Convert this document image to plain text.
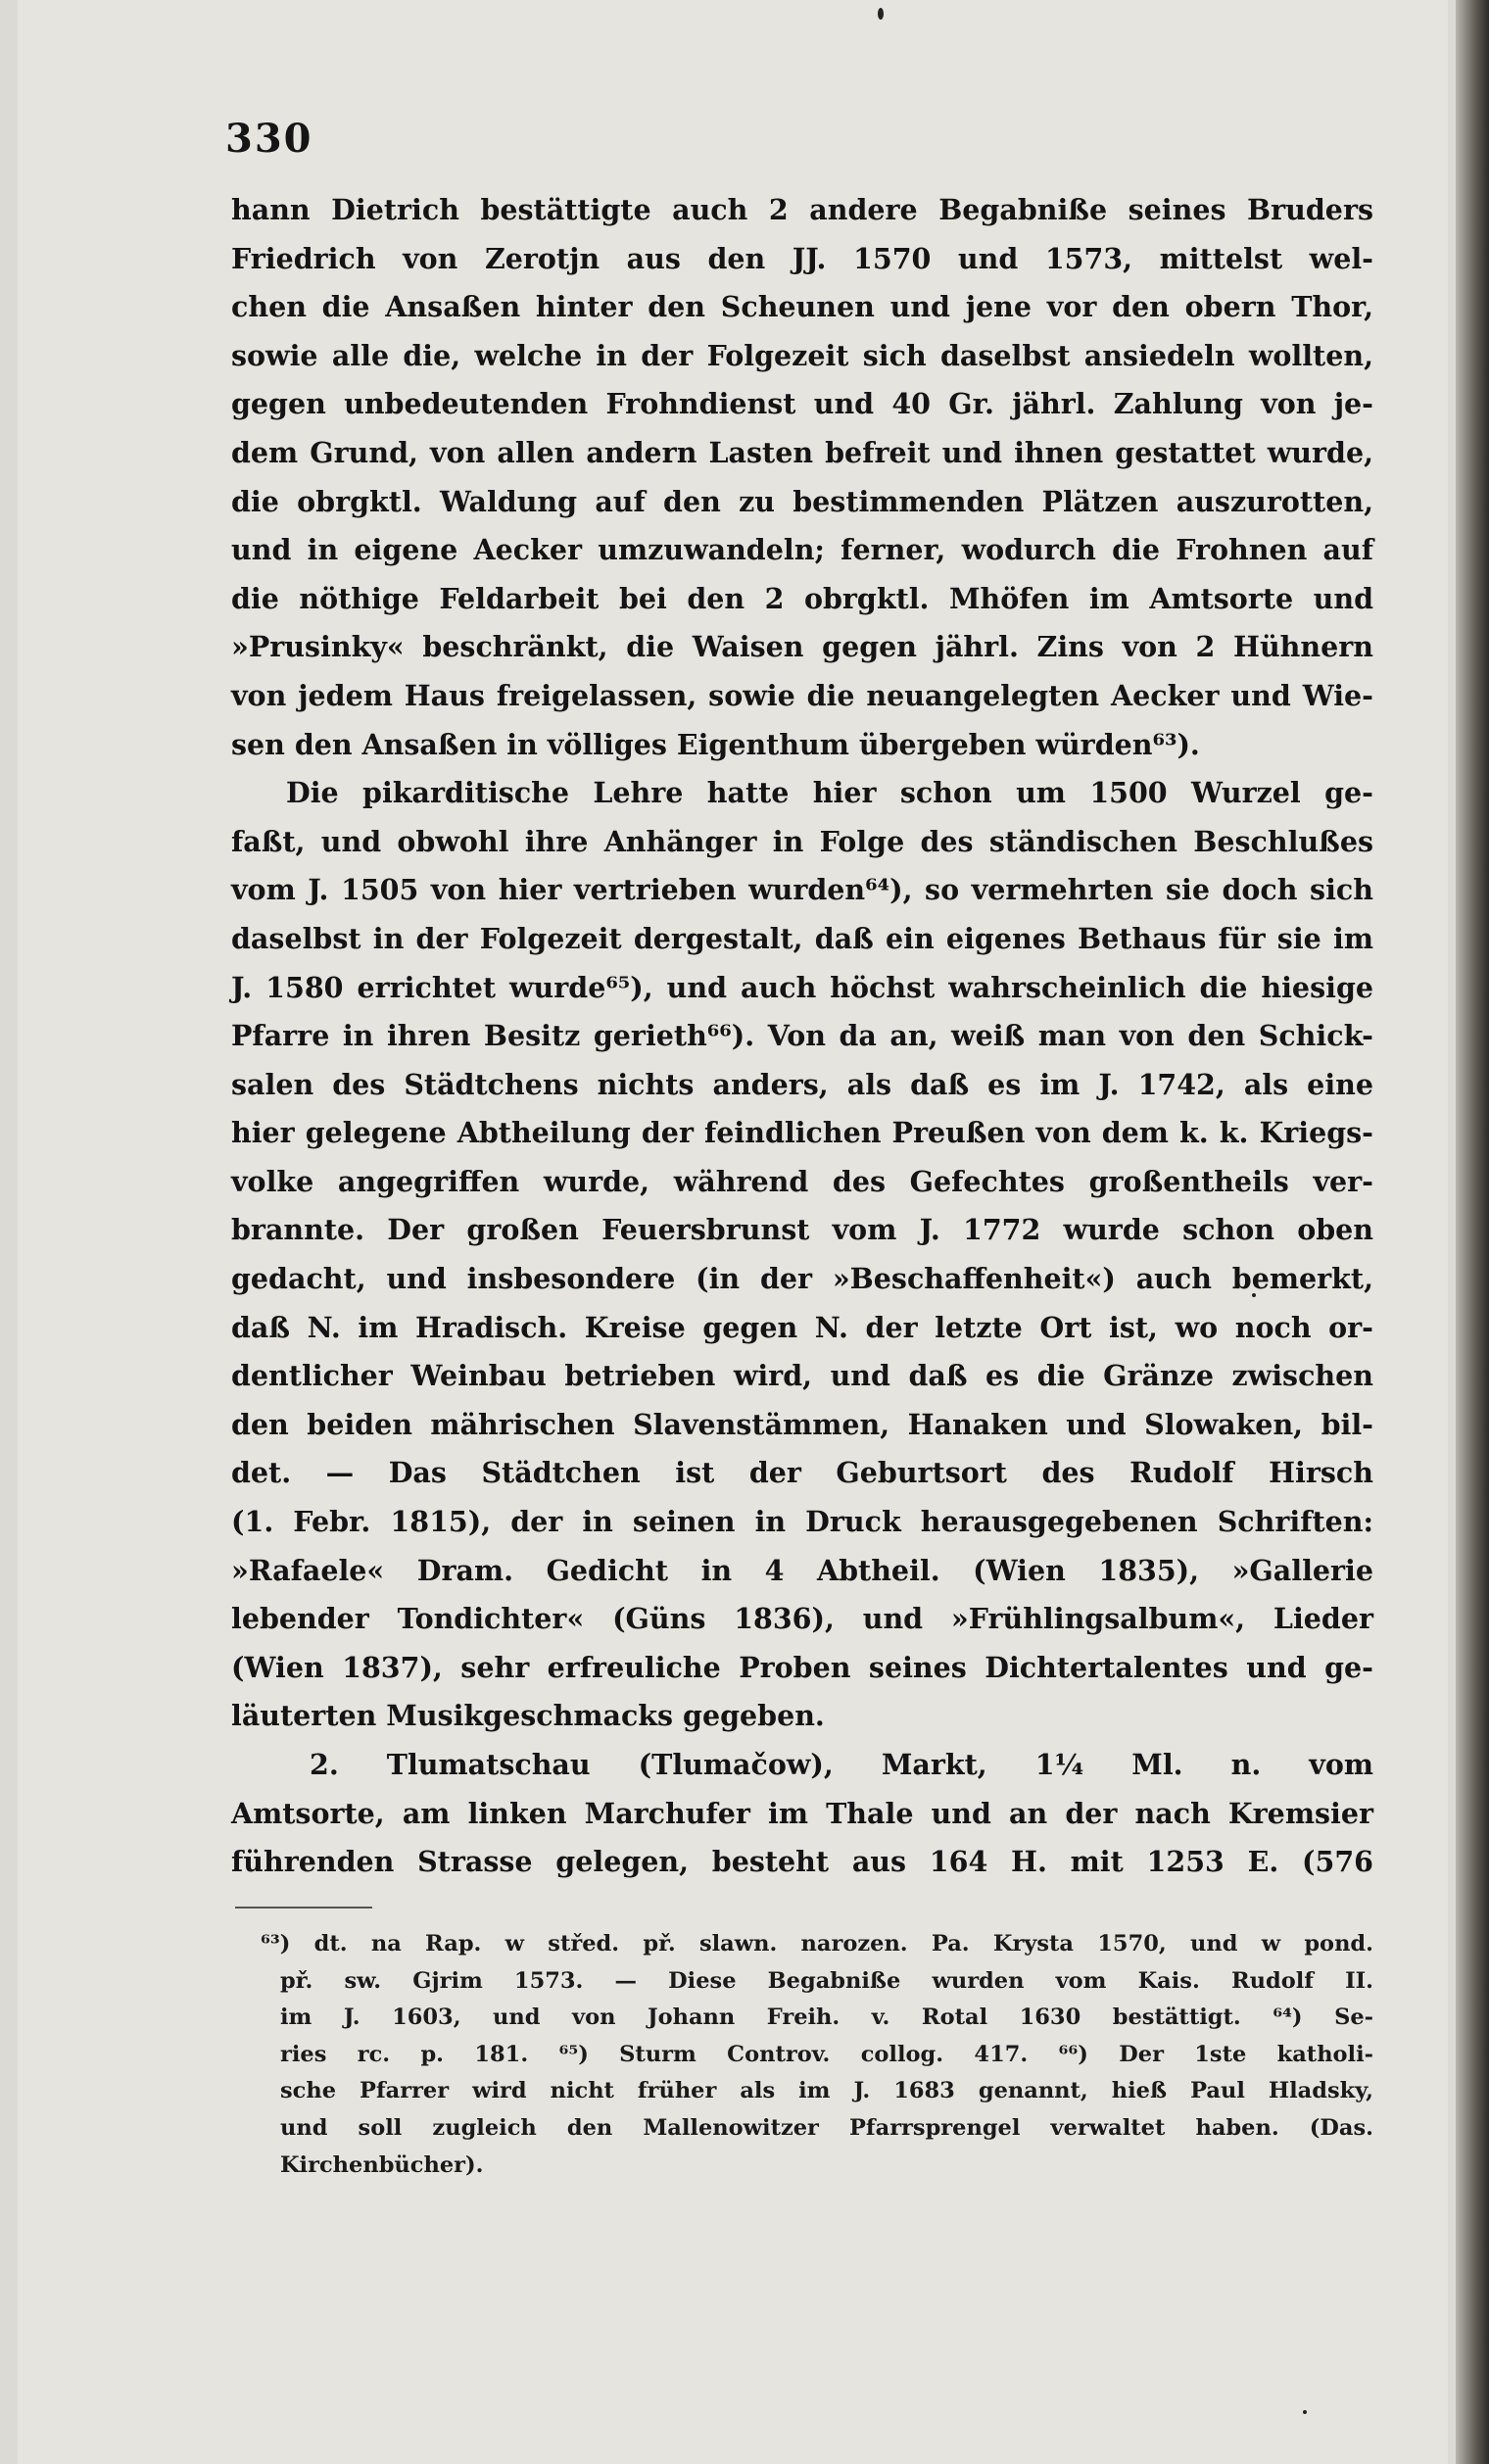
330
hann Dietrich bestättigte auch 2 andere Begabniße seines Bruders
Friedrich von Zerotjn aus den JJ. 1570 und 1573, mittelst wel-
chen die Ansaßen hinter den Scheunen und jene vor den obern Thor,
sowie alle die, welche in der Folgezeit sich daselbst ansiedeln wollten,
gegen unbedeutenden Frohndienst und 40 Gr. jährl. Zahlung von je-
dem Grund, von allen andern Lasten befreit und ihnen gestattet wurde,
die obrgktl. Waldung auf den zu bestimmenden Plätzen auszurotten,
und in eigene Aecker umzuwandeln; ferner, wodurch die Frohnen auf
die nöthige Feldarbeit bei den 2 obrgktl. Mhöfen im Amtsorte und
»Prusinky« beschränkt, die Waisen gegen jährl. Zins von 2 Hühnern
von jedem Haus freigelassen, sowie die neuangelegten Aecker und Wie-
sen den Ansaßen in völliges Eigenthum übergeben würden⁶³).
Die pikarditische Lehre hatte hier schon um 1500 Wurzel ge-
faßt, und obwohl ihre Anhänger in Folge des ständischen Beschlußes
vom J. 1505 von hier vertrieben wurden⁶⁴), so vermehrten sie doch sich
daselbst in der Folgezeit dergestalt, daß ein eigenes Bethaus für sie im
J. 1580 errichtet wurde⁶⁵), und auch höchst wahrscheinlich die hiesige
Pfarre in ihren Besitz gerieth⁶⁶). Von da an, weiß man von den Schick-
salen des Städtchens nichts anders, als daß es im J. 1742, als eine
hier gelegene Abtheilung der feindlichen Preußen von dem k. k. Kriegs-
volke angegriffen wurde, während des Gefechtes großentheils ver-
brannte. Der großen Feuersbrunst vom J. 1772 wurde schon oben
gedacht, und insbesondere (in der »Beschaffenheit«) auch bemerkt,
daß N. im Hradisch. Kreise gegen N. der letzte Ort ist, wo noch or-
dentlicher Weinbau betrieben wird, und daß es die Gränze zwischen
den beiden mährischen Slavenstämmen, Hanaken und Slowaken, bil-
det. — Das Städtchen ist der Geburtsort des Rudolf Hirsch
(1. Febr. 1815), der in seinen in Druck herausgegebenen Schriften:
»Rafaele« Dram. Gedicht in 4 Abtheil. (Wien 1835), »Gallerie
lebender Tondichter« (Güns 1836), und »Frühlingsalbum«, Lieder
(Wien 1837), sehr erfreuliche Proben seines Dichtertalentes und ge-
läuterten Musikgeschmacks gegeben.
2. Tlumatschau (Tlumačow), Markt, 1¼ Ml. n. vom
Amtsorte, am linken Marchufer im Thale und an der nach Kremsier
führenden Strasse gelegen, besteht aus 164 H. mit 1253 E. (576
⁶³) dt. na Rap. w střed. př. slawn. narozen. Pa. Krysta 1570, und w pond.
př. sw. Gjrim 1573. — Diese Begabniße wurden vom Kais. Rudolf II.
im J. 1603, und von Johann Freih. v. Rotal 1630 bestättigt. ⁶⁴) Se-
ries rc. p. 181. ⁶⁵) Sturm Controv. collog. 417. ⁶⁶) Der 1ste katholi-
sche Pfarrer wird nicht früher als im J. 1683 genannt, hieß Paul Hladsky,
und soll zugleich den Mallenowitzer Pfarrsprengel verwaltet haben. (Das.
Kirchenbücher).
